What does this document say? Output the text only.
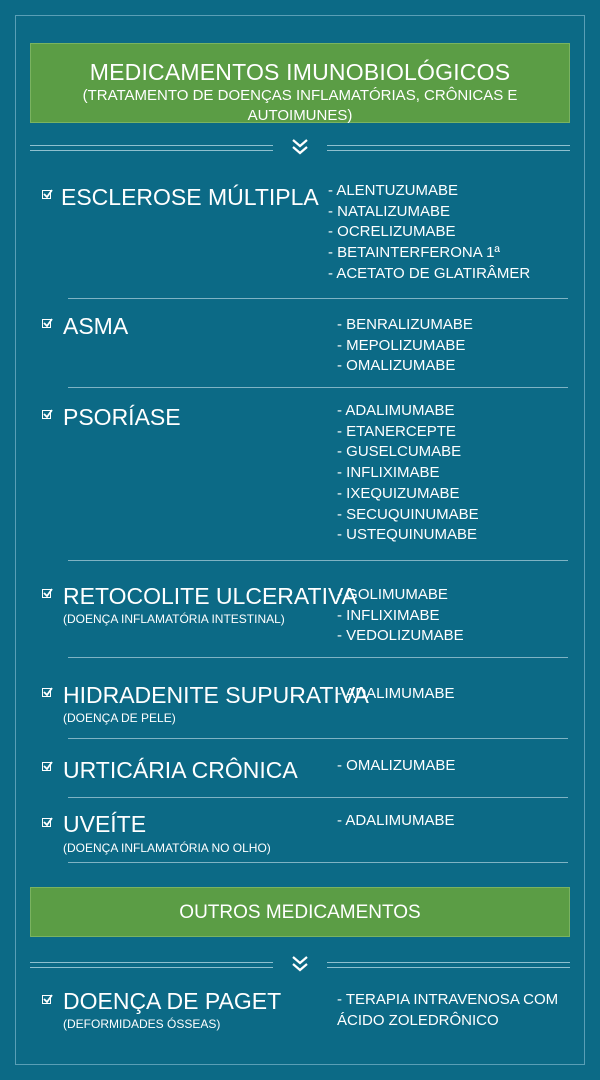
MEDICAMENTOS IMUNOBIOLÓGICOS
(TRATAMENTO DE DOENÇAS INFLAMATÓRIAS, CRÔNICAS E AUTOIMUNES)
ESCLEROSE MÚLTIPLA - ALENTUZUMABE
- NATALIZUMABE
- OCRELIZUMABE
- BETAINTERFERONA 1ª
- ACETATO DE GLATIRÂMER
ASMA	- BENRALIZUMABE
- MEPOLIZUMABE
- OMALIZUMABE
PSORÍASE	- ADALIMUMABE
- ETANERCEPTE
- GUSELCUMABE
- INFLIXIMABE
- IXEQUIZUMABE
- SECUQUINUMABE
- USTEQUINUMABE
RETOCOLITE ULCERATIVA
(DOENÇA INFLAMATÓRIA INTESTINAL)
- GOLIMUMABE
- INFLIXIMABE
- VEDOLIZUMABE
HIDRADENITE SUPURATIVA
(DOENÇA DE PELE)
- ADALIMUMABE
URTICÁRIA CRÔNICA	- OMALIZUMABE
UVEÍTE
(DOENÇA INFLAMATÓRIA NO OLHO)
- ADALIMUMABE
OUTROS MEDICAMENTOS
DOENÇA DE PAGET
(DEFORMIDADES ÓSSEAS)
- TERAPIA INTRAVENOSA COM
ÁCIDO ZOLEDRÔNICO
